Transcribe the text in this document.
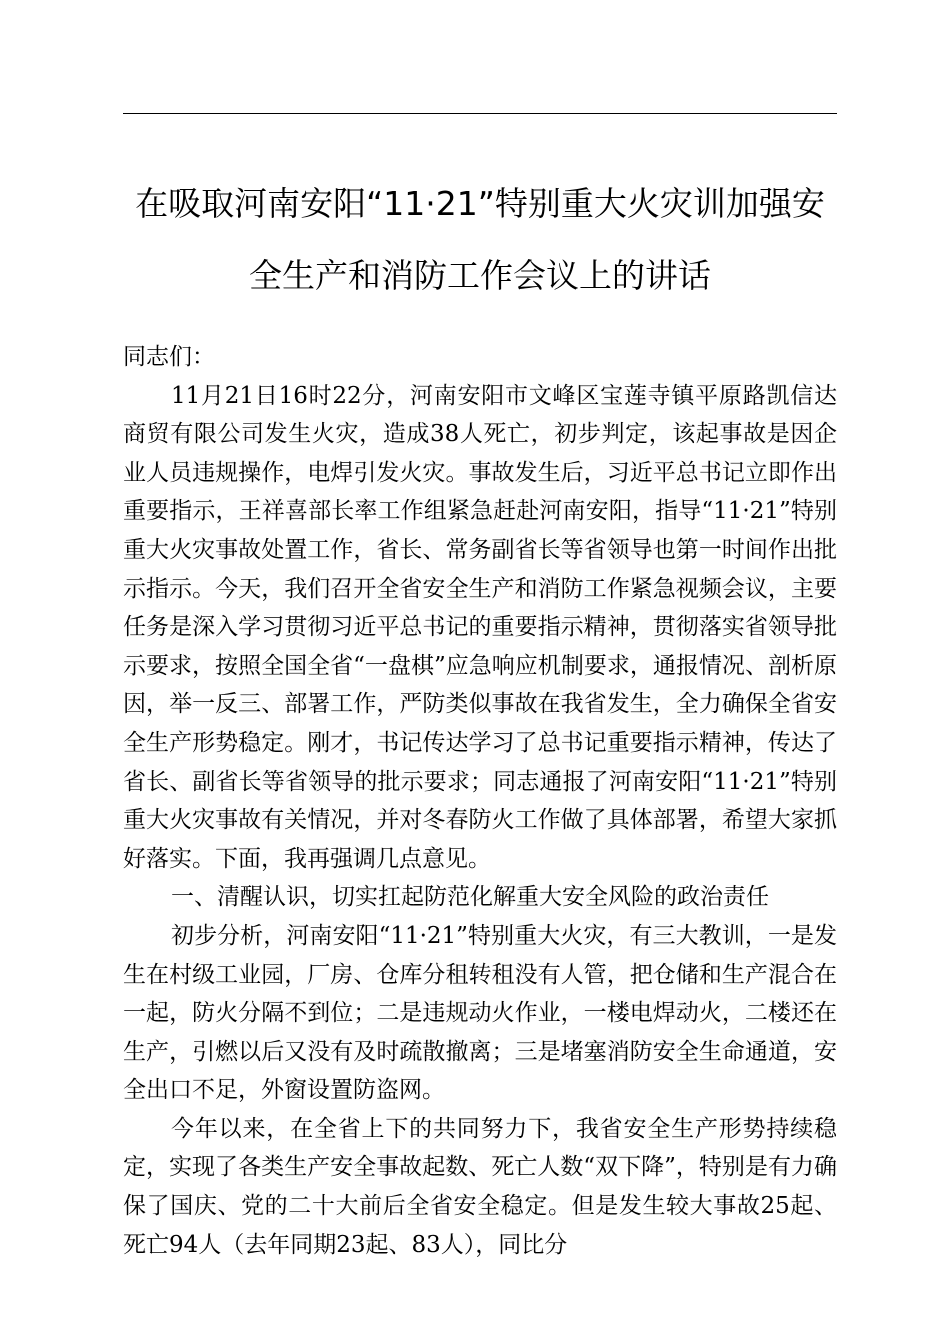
在吸取河南安阳“11·21”特别重大火灾训加强安
全生产和消防工作会议上的讲话

同志们：

11月21日16时22分，河南安阳市文峰区宝莲寺镇平原路凯信达商贸有限公司发生火灾，造成38人死亡，初步判定，该起事故是因企业人员违规操作，电焊引发火灾。事故发生后，习近平总书记立即作出重要指示，王祥喜部长率工作组紧急赶赴河南安阳，指导“11·21”特别重大火灾事故处置工作，省长、常务副省长等省领导也第一时间作出批示指示。今天，我们召开全省安全生产和消防工作紧急视频会议，主要任务是深入学习贯彻习近平总书记的重要指示精神，贯彻落实省领导批示要求，按照全国全省“一盘棋”应急响应机制要求，通报情况、剖析原因，举一反三、部署工作，严防类似事故在我省发生，全力确保全省安全生产形势稳定。刚才，书记传达学习了总书记重要指示精神，传达了省长、副省长等省领导的批示要求；同志通报了河南安阳“11·21”特别重大火灾事故有关情况，并对冬春防火工作做了具体部署，希望大家抓好落实。下面，我再强调几点意见。

一、清醒认识，切实扛起防范化解重大安全风险的政治责任

初步分析，河南安阳“11·21”特别重大火灾，有三大教训，一是发生在村级工业园，厂房、仓库分租转租没有人管，把仓储和生产混合在一起，防火分隔不到位；二是违规动火作业，一楼电焊动火，二楼还在生产，引燃以后又没有及时疏散撤离；三是堵塞消防安全生命通道，安全出口不足，外窗设置防盗网。

今年以来，在全省上下的共同努力下，我省安全生产形势持续稳定，实现了各类生产安全事故起数、死亡人数“双下降”，特别是有力确保了国庆、党的二十大前后全省安全稳定。但是发生较大事故25起、死亡94人（去年同期23起、83人），同比分
